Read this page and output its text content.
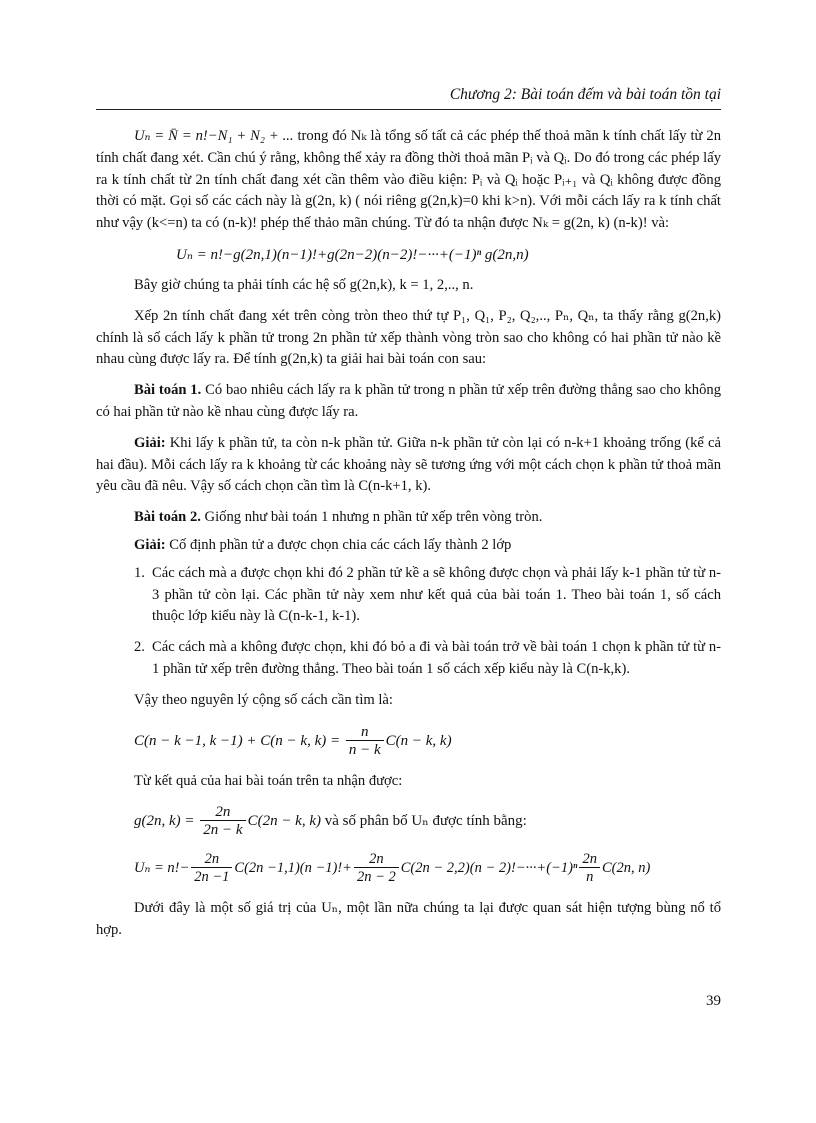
Chương 2: Bài toán đếm và bài toán tồn tại

Uₙ = N̄ = n!−N₁ + N₂ + ... trong đó Nₖ là tổng số tất cả các phép thế thoả mãn k tính chất lấy từ 2n tính chất đang xét. Cần chú ý rằng, không thể xảy ra đồng thời thoả mãn Pᵢ và Qᵢ. Do đó trong các phép lấy ra k tính chất từ 2n tính chất đang xét cần thêm vào điều kiện: Pᵢ và Qᵢ hoặc Pᵢ₊₁ và Qᵢ không được đồng thời có mặt. Gọi số các cách này là g(2n, k) ( nói riêng g(2n,k)=0 khi k>n). Với mỗi cách lấy ra k tính chất như vậy (k<=n) ta có (n-k)! phép thế thảo mãn chúng. Từ đó ta nhận được Nₖ = g(2n, k) (n-k)! và:

Uₙ = n!−g(2n,1)(n−1)!+g(2n−2)(n−2)!−···+(−1)ⁿ g(2n,n)

Bây giờ chúng ta phải tính các hệ số g(2n,k), k = 1, 2,.., n.

Xếp 2n tính chất đang xét trên còng tròn theo thứ tự P₁, Q₁, P₂, Q₂,.., Pₙ, Qₙ, ta thấy rằng g(2n,k) chính là số cách lấy k phần tử trong 2n phần tử xếp thành vòng tròn sao cho không có hai phần tử nào kề nhau cùng được lấy ra. Để tính g(2n,k) ta giải hai bài toán con sau:

Bài toán 1. Có bao nhiêu cách lấy ra k phần tử trong n phần tử xếp trên đường thẳng sao cho không có hai phần tử nào kề nhau cùng được lấy ra.

Giải: Khi lấy k phần tử, ta còn n-k phần tử. Giữa n-k phần tử còn lại có n-k+1 khoảng trống (kể cả hai đầu). Mỗi cách lấy ra k khoảng từ các khoảng này sẽ tương ứng với một cách chọn k phần tử thoả mãn yêu cầu đã nêu. Vậy số cách chọn cần tìm là C(n-k+1, k).

Bài toán 2. Giống như bài toán 1 nhưng n phần tử xếp trên vòng tròn.

Giải: Cố định phần tử a được chọn chia các cách lấy thành 2 lớp

1. Các cách mà a được chọn khi đó 2 phần tử kề a sẽ không được chọn và phải lấy k-1 phần tử từ n-3 phần tử còn lại. Các phần tử này xem như kết quả của bài toán 1. Theo bài toán 1, số cách thuộc lớp kiểu này là C(n-k-1, k-1).
2. Các cách mà a không được chọn, khi đó bỏ a đi và bài toán trở về bài toán 1 chọn k phần tử từ n-1 phần tử xếp trên đường thẳng. Theo bài toán 1 số cách xếp kiểu này là C(n-k,k).

Vậy theo nguyên lý cộng số cách cần tìm là:

C(n − k −1, k −1) + C(n − k, $k) = \frac{n}{n - k} C(n - k$, k)

Từ kết quả của hai bài toán trên ta nhận được:

g(2n, $k) = \frac{2n}{2n - k} C(2n - k$, k) và số phân bố Uₙ được tính bằng:
$U_n = n!- \frac{2n}{2n -1} C(2n -1,1)(n -1)!+ \frac{2n}{2n - 2} C(2n - 2,2)(n - 2)!-\cdot\cdot\cdot+(-1)^n \frac{2n}{n} C(2n$, n)

Dưới đây là một số giá trị của Uₙ, một lần nữa chúng ta lại được quan sát hiện tượng bùng nổ tổ hợp.

39
